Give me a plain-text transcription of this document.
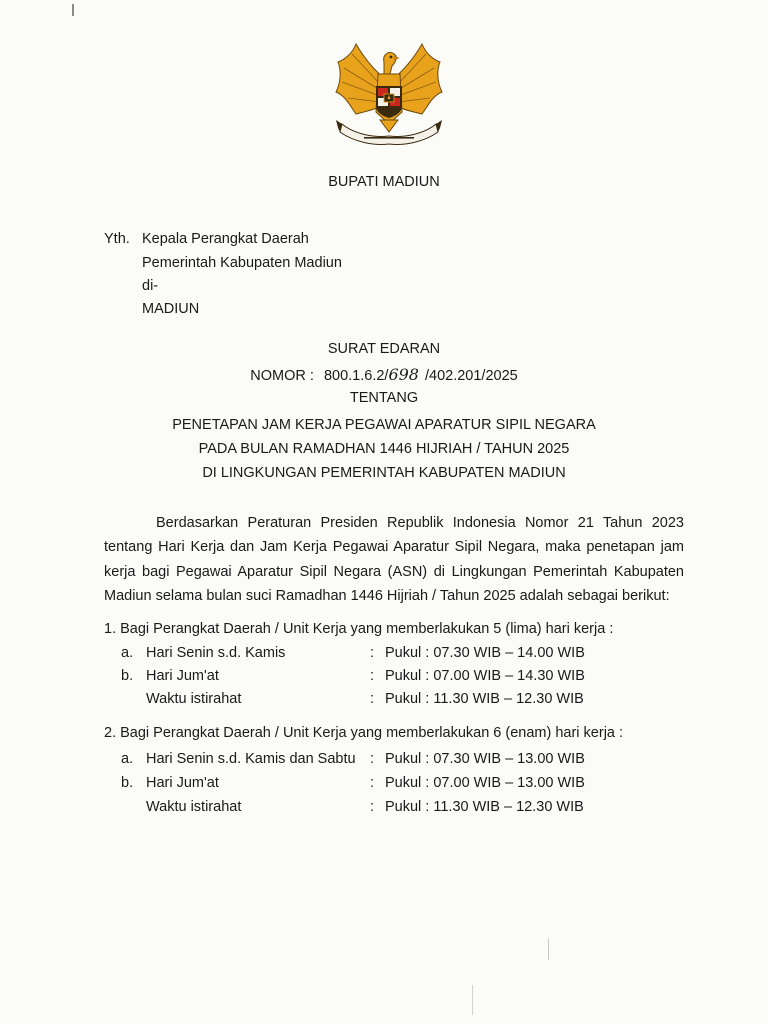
BUPATI MADIUN
Yth. Kepala Perangkat Daerah
Pemerintah Kabupaten Madiun
di-
MADIUN
SURAT EDARAN
NOMOR : 800.1.6.2/698 /402.201/2025
TENTANG
PENETAPAN JAM KERJA PEGAWAI APARATUR SIPIL NEGARA
PADA BULAN RAMADHAN 1446 HIJRIAH / TAHUN 2025
DI LINGKUNGAN PEMERINTAH KABUPATEN MADIUN
Berdasarkan Peraturan Presiden Republik Indonesia Nomor 21 Tahun 2023
tentang Hari Kerja dan Jam Kerja Pegawai Aparatur Sipil Negara, maka penetapan jam
kerja bagi Pegawai Aparatur Sipil Negara (ASN) di Lingkungan Pemerintah Kabupaten
Madiun selama bulan suci Ramadhan 1446 Hijriah / Tahun 2025 adalah sebagai berikut:
1. Bagi Perangkat Daerah / Unit Kerja yang memberlakukan 5 (lima) hari kerja :
a. Hari Senin s.d. Kamis	: Pukul : 07.30 WIB – 14.00 WIB
b. Hari Jum'at	: Pukul : 07.00 WIB – 14.30 WIB
Waktu istirahat	: Pukul : 11.30 WIB – 12.30 WIB
2. Bagi Perangkat Daerah / Unit Kerja yang memberlakukan 6 (enam) hari kerja :
a. Hari Senin s.d. Kamis dan Sabtu : Pukul : 07.30 WIB – 13.00 WIB
b. Hari Jum'at	: Pukul : 07.00 WIB – 13.00 WIB
Waktu istirahat	: Pukul : 11.30 WIB – 12.30 WIB
